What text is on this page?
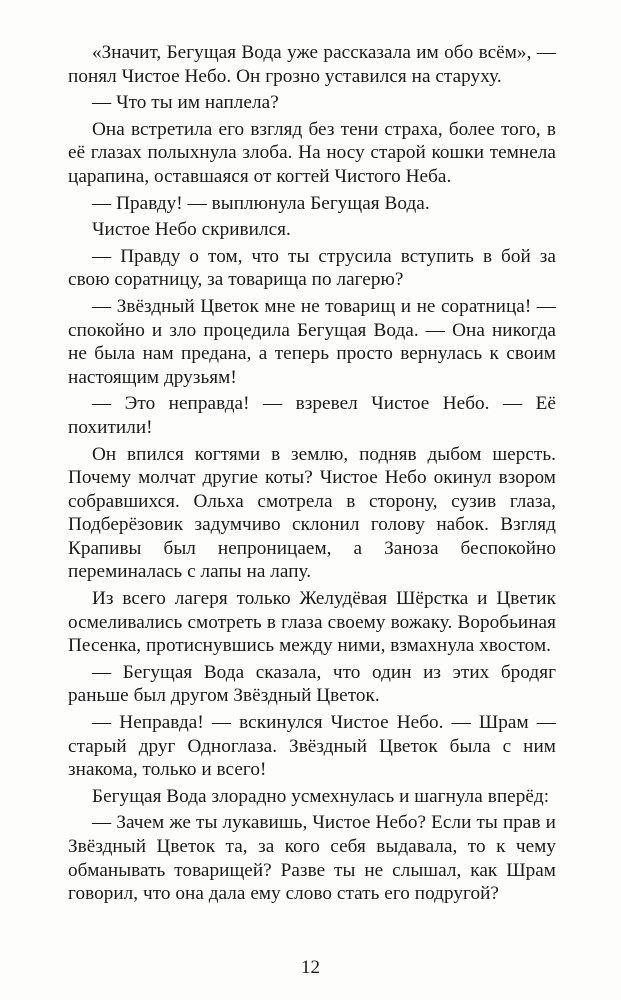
«Значит, Бегущая Вода уже рассказала им обо всём», — понял Чистое Небо. Он грозно уставился на старуху.

— Что ты им наплела?

Она встретила его взгляд без тени страха, более того, в её глазах полыхнула злоба. На носу старой кошки темнела царапина, оставшаяся от когтей Чистого Неба.

— Правду! — выплюнула Бегущая Вода.

Чистое Небо скривился.

— Правду о том, что ты струсила вступить в бой за свою соратницу, за товарища по лагерю?

— Звёздный Цветок мне не товарищ и не соратница! — спокойно и зло процедила Бегущая Вода. — Она никогда не была нам предана, а теперь просто вернулась к своим настоящим друзьям!

— Это неправда! — взревел Чистое Небо. — Её похитили!

Он впился когтями в землю, подняв дыбом шерсть. Почему молчат другие коты? Чистое Небо окинул взором собравшихся. Ольха смотрела в сторону, сузив глаза, Подберёзовик задумчиво склонил голову набок. Взгляд Крапивы был непроницаем, а Заноза беспокойно переминалась с лапы на лапу.

Из всего лагеря только Желудёвая Шёрстка и Цветик осмеливались смотреть в глаза своему вожаку. Воробьиная Песенка, протиснувшись между ними, взмахнула хвостом.

— Бегущая Вода сказала, что один из этих бродяг раньше был другом Звёздный Цветок.

— Неправда! — вскинулся Чистое Небо. — Шрам — старый друг Одноглаза. Звёздный Цветок была с ним знакома, только и всего!

Бегущая Вода злорадно усмехнулась и шагнула вперёд:

— Зачем же ты лукавишь, Чистое Небо? Если ты прав и Звёздный Цветок та, за кого себя выдавала, то к чему обманывать товарищей? Разве ты не слышал, как Шрам говорил, что она дала ему слово стать его подругой?

12
